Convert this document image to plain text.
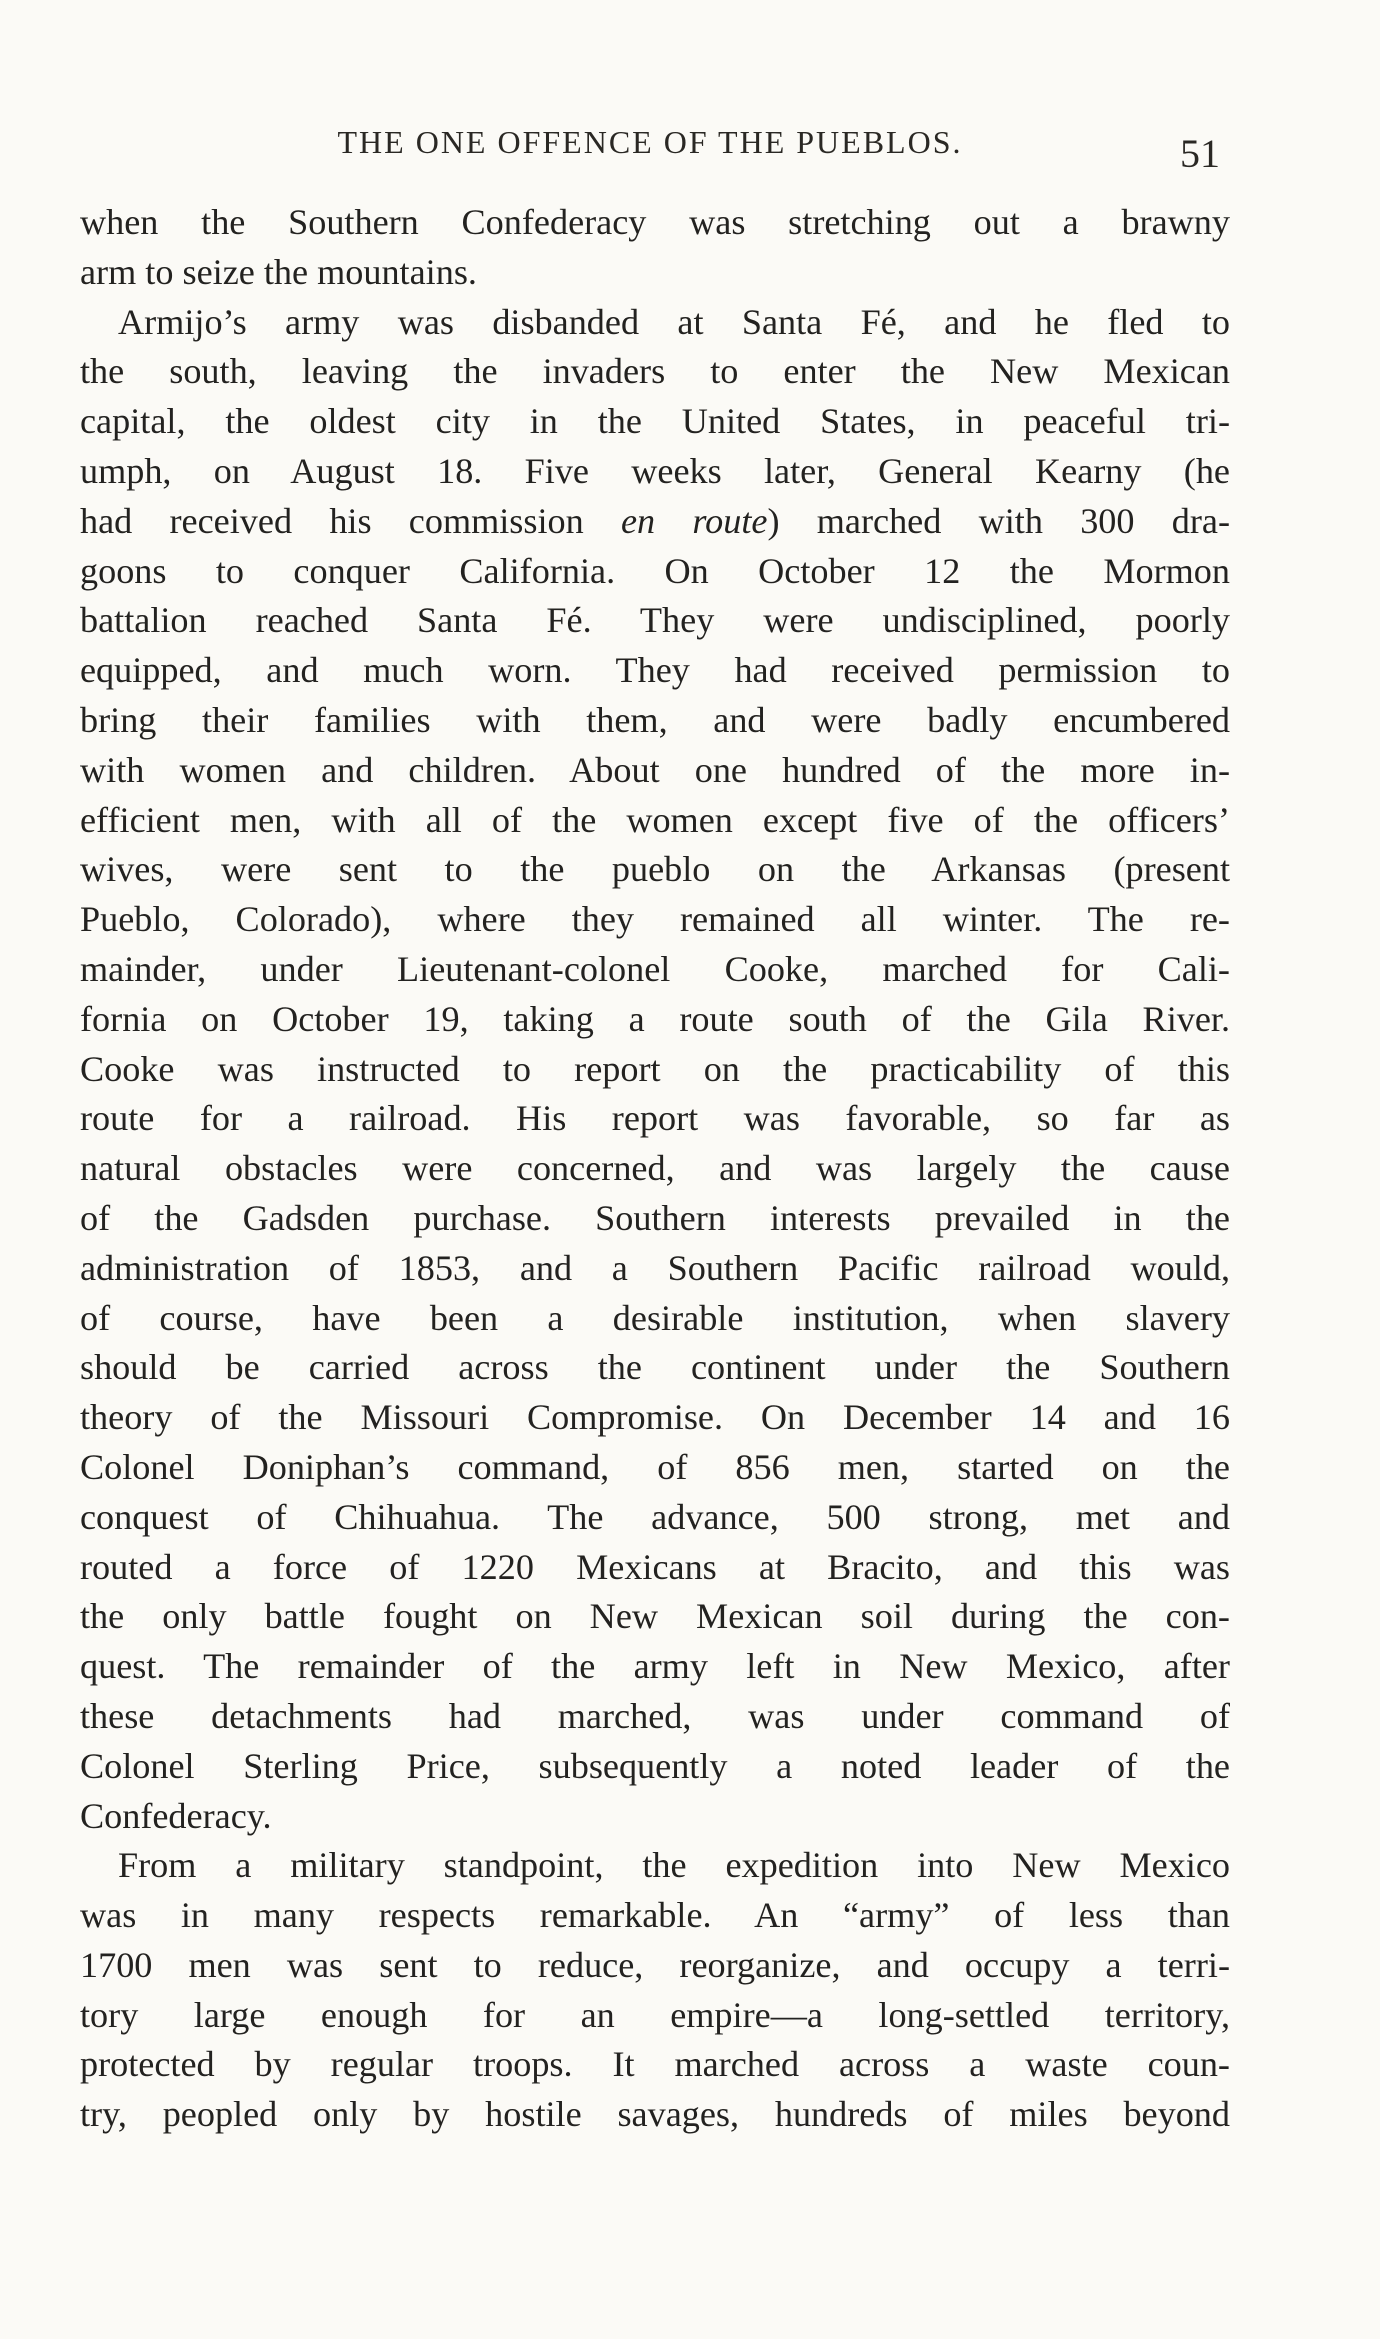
THE ONE OFFENCE OF THE PUEBLOS.	51
when the Southern Confederacy was stretching out a brawny
arm to seize the mountains.
Armijo’s army was disbanded at Santa Fé, and he fled to
the south, leaving the invaders to enter the New Mexican
capital, the oldest city in the United States, in peaceful tri-
umph, on August 18. Five weeks later, General Kearny (he
had received his commission en route) marched with 300 dra-
goons to conquer California. On October 12 the Mormon
battalion reached Santa Fé. They were undisciplined, poorly
equipped, and much worn. They had received permission to
bring their families with them, and were badly encumbered
with women and children. About one hundred of the more in-
efficient men, with all of the women except five of the officers’
wives, were sent to the pueblo on the Arkansas (present
Pueblo, Colorado), where they remained all winter. The re-
mainder, under Lieutenant-colonel Cooke, marched for Cali-
fornia on October 19, taking a route south of the Gila River.
Cooke was instructed to report on the practicability of this
route for a railroad. His report was favorable, so far as
natural obstacles were concerned, and was largely the cause
of the Gadsden purchase. Southern interests prevailed in the
administration of 1853, and a Southern Pacific railroad would,
of course, have been a desirable institution, when slavery
should be carried across the continent under the Southern
theory of the Missouri Compromise. On December 14 and 16
Colonel Doniphan’s command, of 856 men, started on the
conquest of Chihuahua. The advance, 500 strong, met and
routed a force of 1220 Mexicans at Bracito, and this was
the only battle fought on New Mexican soil during the con-
quest. The remainder of the army left in New Mexico, after
these detachments had marched, was under command of
Colonel Sterling Price, subsequently a noted leader of the
Confederacy.
From a military standpoint, the expedition into New Mexico
was in many respects remarkable. An “army” of less than
1700 men was sent to reduce, reorganize, and occupy a terri-
tory large enough for an empire—a long-settled territory,
protected by regular troops. It marched across a waste coun-
try, peopled only by hostile savages, hundreds of miles beyond
